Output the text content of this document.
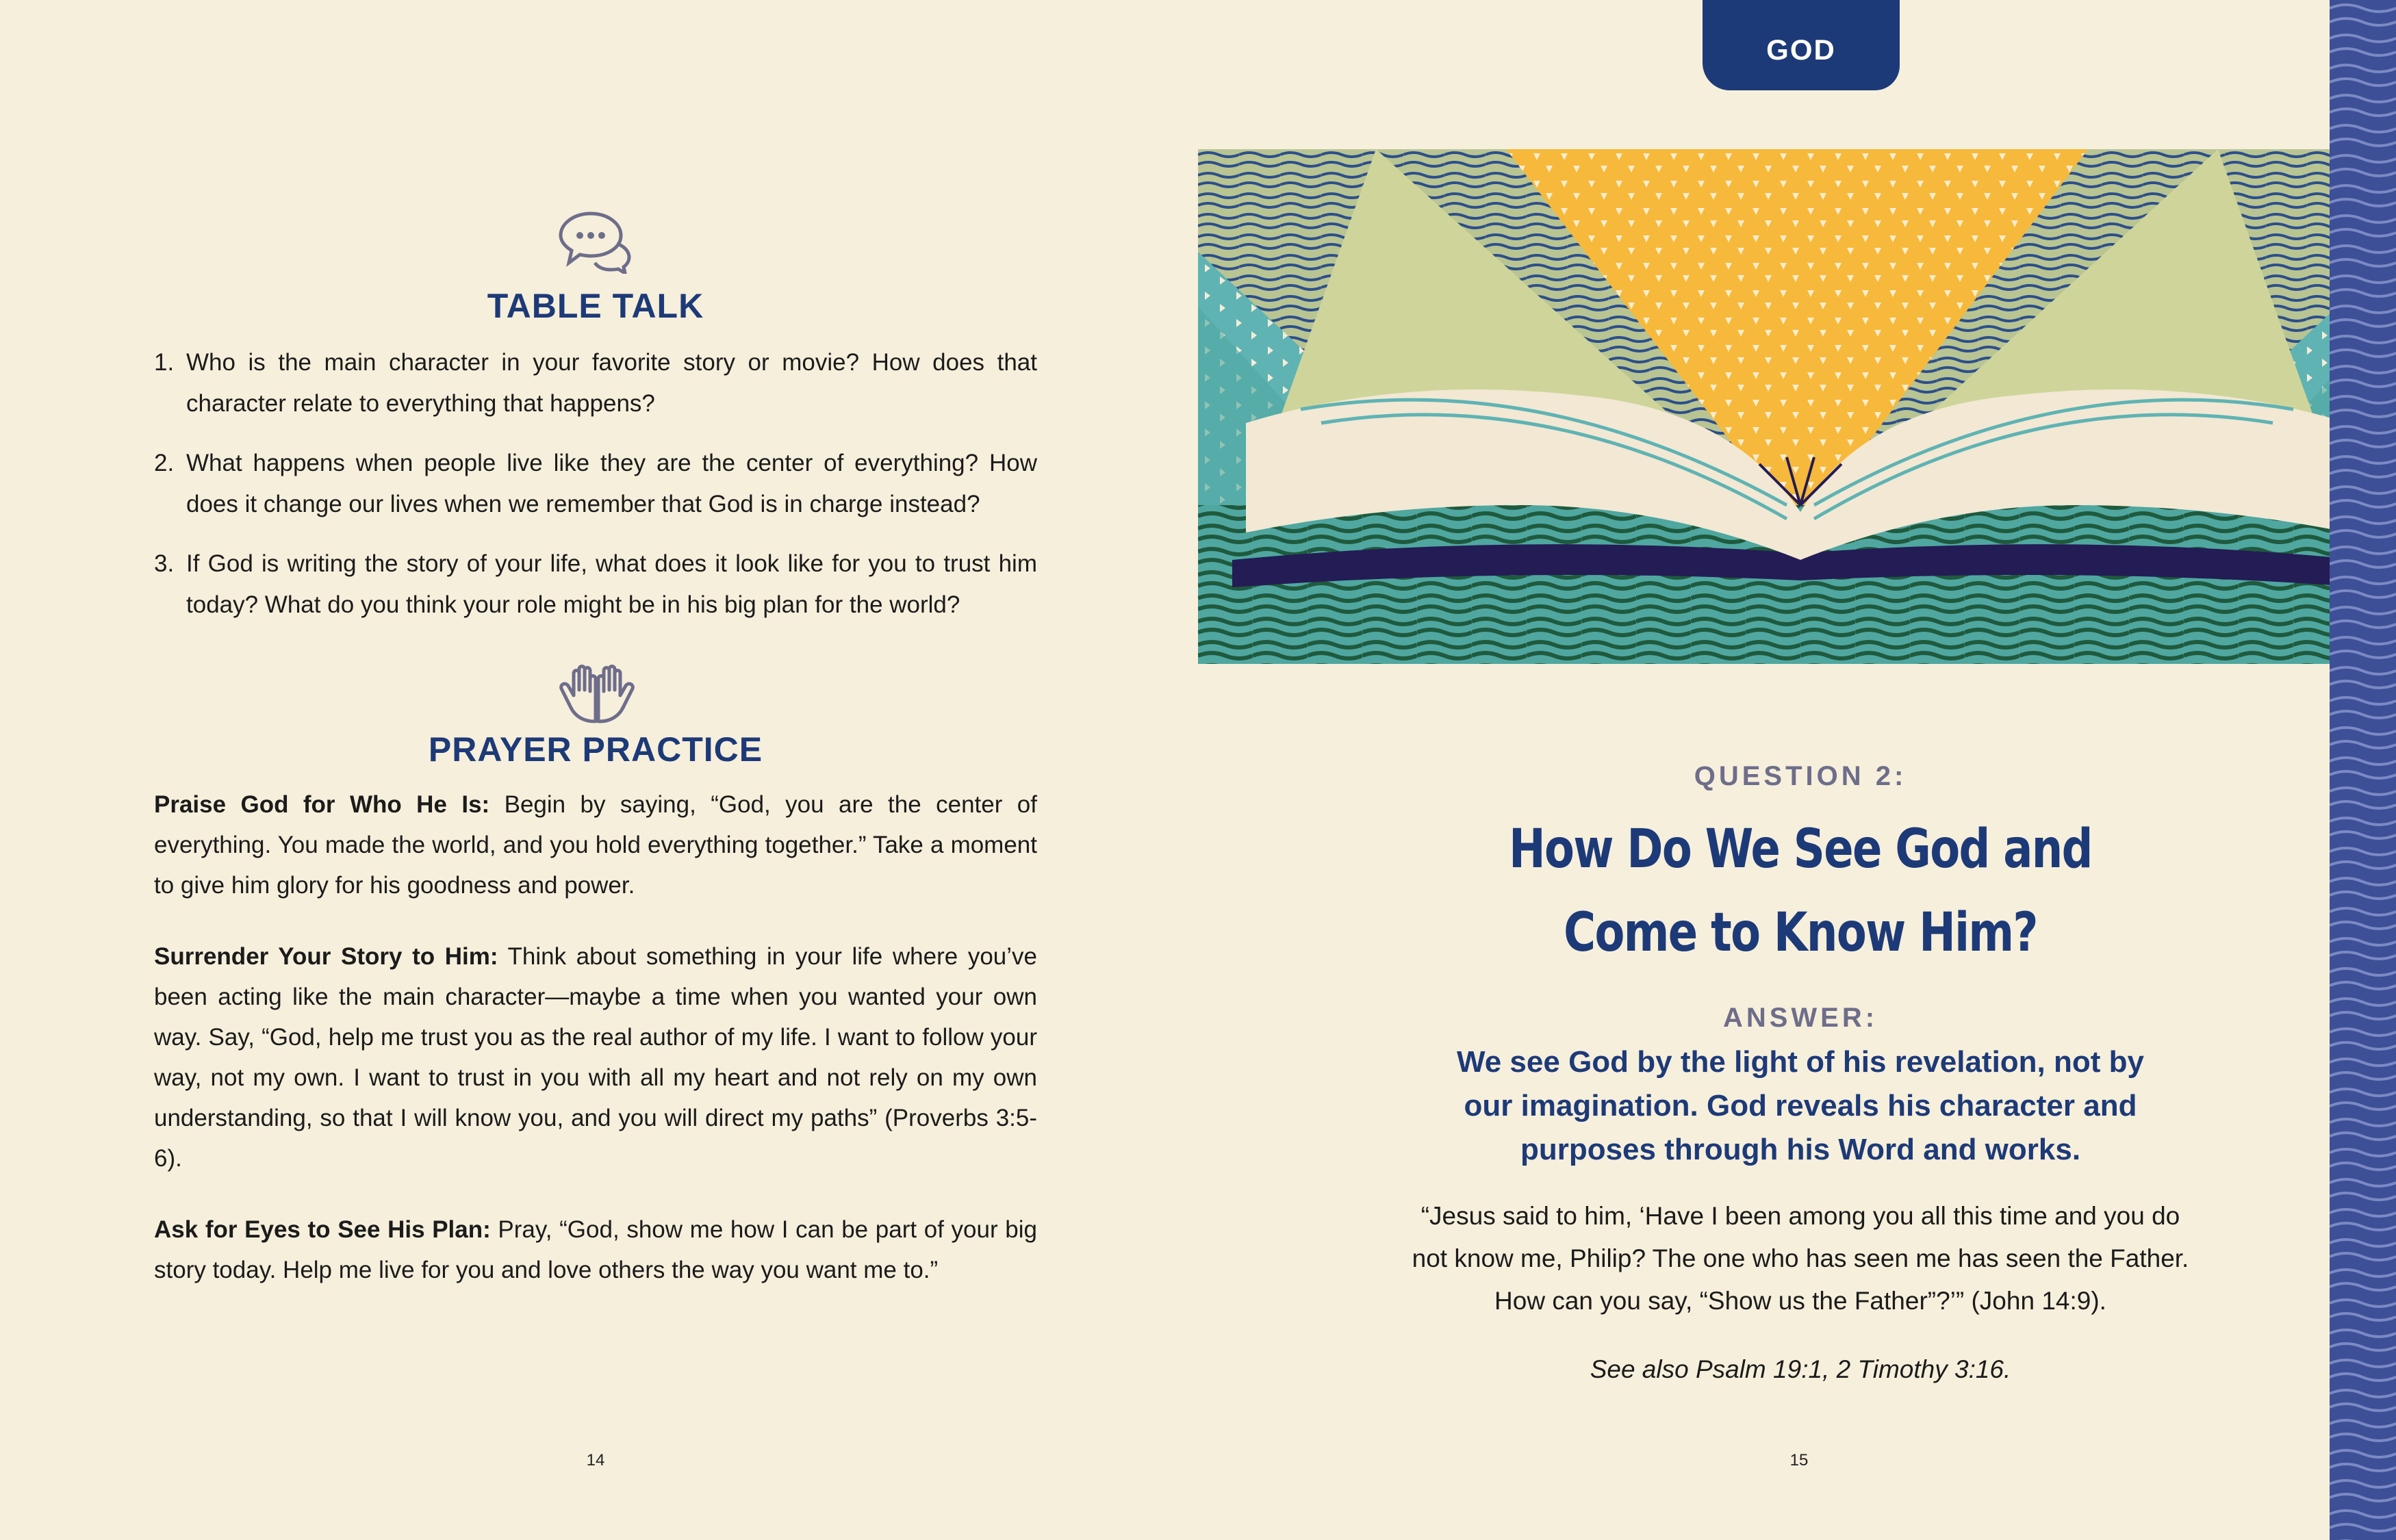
TABLE TALK
1. Who is the main character in your favorite story or movie? How does that character relate to everything that happens?
2. What happens when people live like they are the center of everything? How does it change our lives when we remember that God is in charge instead?
3. If God is writing the story of your life, what does it look like for you to trust him today? What do you think your role might be in his big plan for the world?
PRAYER PRACTICE

Praise God for Who He Is: Begin by saying, “God, you are the center of everything. You made the world, and you hold everything together.” Take a moment to give him glory for his goodness and power.

Surrender Your Story to Him: Think about something in your life where you’ve been acting like the main character—maybe a time when you wanted your own way. Say, “God, help me trust you as the real author of my life. I want to follow your way, not my own. I want to trust in you with all my heart and not rely on my own understanding, so that I will know you, and you will direct my paths” (Proverbs 3:5-6).

Ask for Eyes to See His Plan: Pray, “God, show me how I can be part of your big story today. Help me live for you and love others the way you want me to.”

14
GOD
QUESTION 2:
How Do We See God and
Come to Know Him?
ANSWER:
We see God by the light of his revelation, not by
our imagination. God reveals his character and
purposes through his Word and works.
“Jesus said to him, ‘Have I been among you all this time and you do
not know me, Philip? The one who has seen me has seen the Father.
How can you say, “Show us the Father”?’” (John 14:9).
See also Psalm 19:1, 2 Timothy 3:16.
15
